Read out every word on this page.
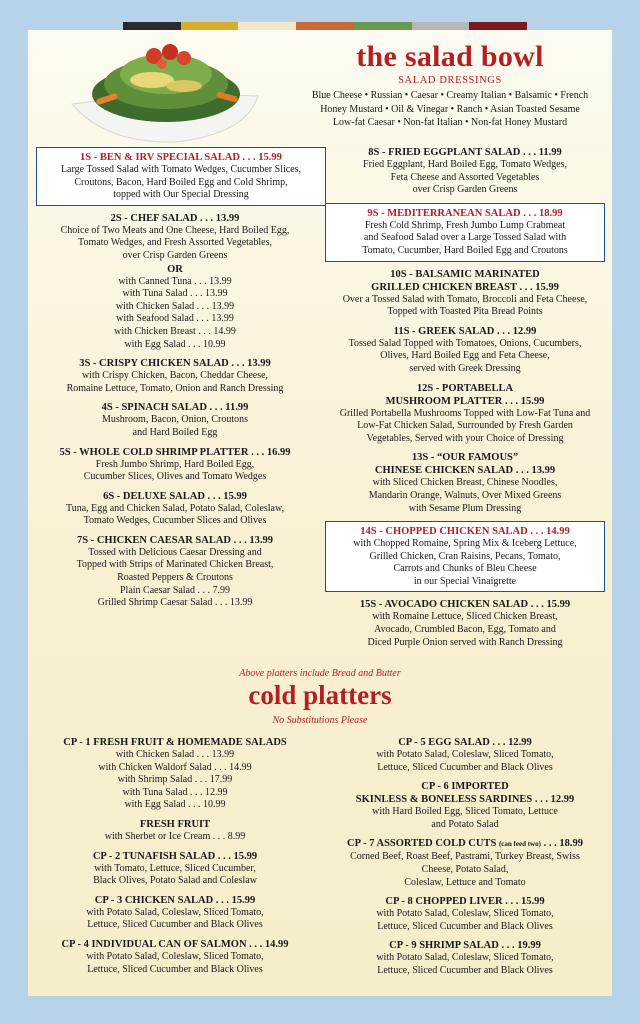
the salad bowl
SALAD DRESSINGS
Blue Cheese • Russian • Caesar • Creamy Italian • Balsamic • French
Honey Mustard • Oil & Vinegar • Ranch • Asian Toasted Sesame
Low-fat Caesar • Non-fat Italian • Non-fat Honey Mustard
1S - BEN & IRV SPECIAL SALAD . . . 15.99
Large Tossed Salad with Tomato Wedges, Cucumber Slices,
Croutons, Bacon, Hard Boiled Egg and Cold Shrimp,
topped with Our Special Dressing
2S - CHEF SALAD . . . 13.99
Choice of Two Meats and One Cheese, Hard Boiled Egg,
Tomato Wedges, and Fresh Assorted Vegetables,
over Crisp Garden Greens
OR
with Canned Tuna . . . 13.99
with Tuna Salad . . . 13.99
with Chicken Salad . . . 13.99
with Seafood Salad . . . 13.99
with Chicken Breast . . . 14.99
with Egg Salad . . . 10.99
3S - CRISPY CHICKEN SALAD . . . 13.99
with Crispy Chicken, Bacon, Cheddar Cheese,
Romaine Lettuce, Tomato, Onion and Ranch Dressing
4S - SPINACH SALAD . . . 11.99
Mushroom, Bacon, Onion, Croutons
and Hard Boiled Egg
5S - WHOLE COLD SHRIMP PLATTER . . . 16.99
Fresh Jumbo Shrimp, Hard Boiled Egg,
Cucumber Slices, Olives and Tomato Wedges
6S - DELUXE SALAD . . . 15.99
Tuna, Egg and Chicken Salad, Potato Salad, Coleslaw,
Tomato Wedges, Cucumber Slices and Olives
7S - CHICKEN CAESAR SALAD . . . 13.99
Tossed with Delicious Caesar Dressing and
Topped with Strips of Marinated Chicken Breast,
Roasted Peppers & Croutons
Plain Caesar Salad . . . 7.99
Grilled Shrimp Caesar Salad . . . 13.99
8S - FRIED EGGPLANT SALAD . . . 11.99
Fried Eggplant, Hard Boiled Egg, Tomato Wedges,
Feta Cheese and Assorted Vegetables
over Crisp Garden Greens
9S - MEDITERRANEAN SALAD . . . 18.99
Fresh Cold Shrimp, Fresh Jumbo Lump Crabmeat
and Seafood Salad over a Large Tossed Salad with
Tomato, Cucumber, Hard Boiled Egg and Croutons
10S - BALSAMIC MARINATED
GRILLED CHICKEN BREAST . . . 15.99
Over a Tossed Salad with Tomato, Broccoli and Feta Cheese,
Topped with Toasted Pita Bread Points
11S - GREEK SALAD . . . 12.99
Tossed Salad Topped with Tomatoes, Onions, Cucumbers,
Olives, Hard Boiled Egg and Feta Cheese,
served with Greek Dressing
12S - PORTABELLA
MUSHROOM PLATTER . . . 15.99
Grilled Portabella Mushrooms Topped with Low-Fat Tuna and
Low-Fat Chicken Salad, Surrounded by Fresh Garden
Vegetables, Served with your Choice of Dressing
13S - “OUR FAMOUS”
CHINESE CHICKEN SALAD . . . 13.99
with Sliced Chicken Breast, Chinese Noodles,
Mandarin Orange, Walnuts, Over Mixed Greens
with Sesame Plum Dressing
14S - CHOPPED CHICKEN SALAD . . . 14.99
with Chopped Romaine, Spring Mix & Iceberg Lettuce,
Grilled Chicken, Cran Raisins, Pecans, Tomato,
Carrots and Chunks of Bleu Cheese
in our Special Vinaigrette
15S - AVOCADO CHICKEN SALAD . . . 15.99
with Romaine Lettuce, Sliced Chicken Breast,
Avocado, Crumbled Bacon, Egg, Tomato and
Diced Purple Onion served with Ranch Dressing
Above platters include Bread and Butter
cold platters
No Substitutions Please
CP - 1 FRESH FRUIT & HOMEMADE SALADS
with Chicken Salad . . . 13.99
with Chicken Waldorf Salad . . . 14.99
with Shrimp Salad . . . 17.99
with Tuna Salad . . . 12.99
with Egg Salad . . . 10.99
FRESH FRUIT
with Sherbet or Ice Cream . . . 8.99
CP - 2 TUNAFISH SALAD . . . 15.99
with Tomato, Lettuce, Sliced Cucumber,
Black Olives, Potato Salad and Coleslaw
CP - 3 CHICKEN SALAD . . . 15.99
with Potato Salad, Coleslaw, Sliced Tomato,
Lettuce, Sliced Cucumber and Black Olives
CP - 4 INDIVIDUAL CAN OF SALMON . . . 14.99
with Potato Salad, Coleslaw, Sliced Tomato,
Lettuce, Sliced Cucumber and Black Olives
CP - 5 EGG SALAD . . . 12.99
with Potato Salad, Coleslaw, Sliced Tomato,
Lettuce, Sliced Cucumber and Black Olives
CP - 6 IMPORTED
SKINLESS & BONELESS SARDINES . . . 12.99
with Hard Boiled Egg, Sliced Tomato, Lettuce
and Potato Salad
CP - 7 ASSORTED COLD CUTS (can feed two) . . . 18.99
Corned Beef, Roast Beef, Pastrami, Turkey Breast, Swiss
Cheese, Potato Salad,
Coleslaw, Lettuce and Tomato
CP - 8 CHOPPED LIVER . . . 15.99
with Potato Salad, Coleslaw, Sliced Tomato,
Lettuce, Sliced Cucumber and Black Olives
CP - 9 SHRIMP SALAD . . . 19.99
with Potato Salad, Coleslaw, Sliced Tomato,
Lettuce, Sliced Cucumber and Black Olives
